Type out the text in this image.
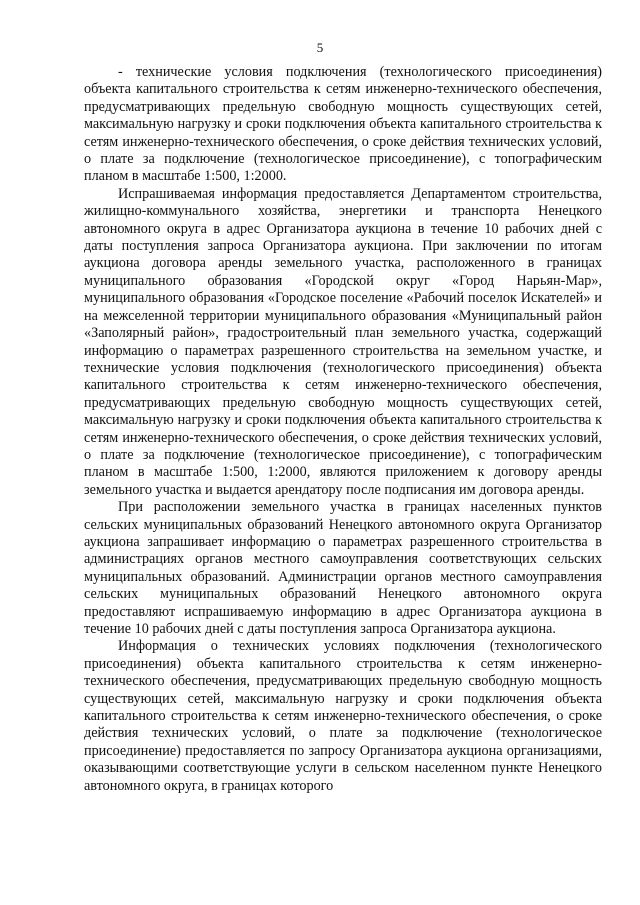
5

- технические условия подключения (технологического присоединения) объекта капитального строительства к сетям инженерно-технического обеспечения, предусматривающих предельную свободную мощность существующих сетей, максимальную нагрузку и сроки подключения объекта капитального строительства к сетям инженерно-технического обеспечения, о сроке действия технических условий, о плате за подключение (технологическое присоединение), с топографическим планом в масштабе 1:500, 1:2000.

Испрашиваемая информация предоставляется Департаментом строительства, жилищно-коммунального хозяйства, энергетики и транспорта Ненецкого автономного округа в адрес Организатора аукциона в течение 10 рабочих дней с даты поступления запроса Организатора аукциона. При заключении по итогам аукциона договора аренды земельного участка, расположенного в границах муниципального образования «Городской округ «Город Нарьян-Мар», муниципального образования «Городское поселение «Рабочий поселок Искателей» и на межселенной территории муниципального образования «Муниципальный район «Заполярный район», градостроительный план земельного участка, содержащий информацию о параметрах разрешенного строительства на земельном участке, и технические условия подключения (технологического присоединения) объекта капитального строительства к сетям инженерно-технического обеспечения, предусматривающих предельную свободную мощность существующих сетей, максимальную нагрузку и сроки подключения объекта капитального строительства к сетям инженерно-технического обеспечения, о сроке действия технических условий, о плате за подключение (технологическое присоединение), с топографическим планом в масштабе 1:500, 1:2000, являются приложением к договору аренды земельного участка и выдается арендатору после подписания им договора аренды.

При расположении земельного участка в границах населенных пунктов сельских муниципальных образований Ненецкого автономного округа Организатор аукциона запрашивает информацию о параметрах разрешенного строительства в администрациях органов местного самоуправления соответствующих сельских муниципальных образований. Администрации органов местного самоуправления сельских муниципальных образований Ненецкого автономного округа предоставляют испрашиваемую информацию в адрес Организатора аукциона в течение 10 рабочих дней с даты поступления запроса Организатора аукциона.

Информация о технических условиях подключения (технологического присоединения) объекта капитального строительства к сетям инженерно-технического обеспечения, предусматривающих предельную свободную мощность существующих сетей, максимальную нагрузку и сроки подключения объекта капитального строительства к сетям инженерно-технического обеспечения, о сроке действия технических условий, о плате за подключение (технологическое присоединение) предоставляется по запросу Организатора аукциона организациями, оказывающими соответствующие услуги в сельском населенном пункте Ненецкого автономного округа, в границах которого
